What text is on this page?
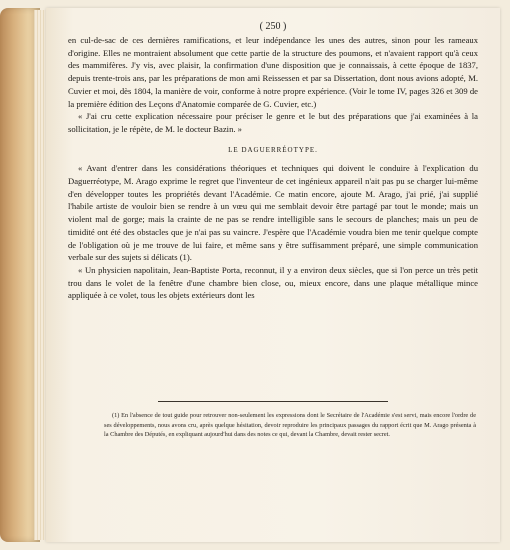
( 250 )

en cul-de-sac de ces dernières ramifications, et leur indépendance les unes des autres, sinon pour les rameaux d'origine. Elles ne montraient absolument que cette partie de la structure des poumons, et n'avaient rapport qu'à ceux des mammifères. J'y vis, avec plaisir, la confirmation d'une disposition que je connaissais, à cette époque de 1837, depuis trente-trois ans, par les préparations de mon ami Reissessen et par sa Dissertation, dont nous avions adopté, M. Cuvier et moi, dès 1804, la manière de voir, conforme à notre propre expérience. (Voir le tome IV, pages 326 et 309 de la première édition des Leçons d'Anatomie comparée de G. Cuvier, etc.)

« J'ai cru cette explication nécessaire pour préciser le genre et le but des préparations que j'ai examinées à la sollicitation, je le répète, de M. le docteur Bazin. »

LE DAGUERRÉOTYPE.

« Avant d'entrer dans les considérations théoriques et techniques qui doivent le conduire à l'explication du Daguerréotype, M. Arago exprime le regret que l'inventeur de cet ingénieux appareil n'ait pas pu se charger lui-même d'en développer toutes les propriétés devant l'Académie. Ce matin encore, ajoute M. Arago, j'ai prié, j'ai supplié l'habile artiste de vouloir bien se rendre à un vœu qui me semblait devoir être partagé par tout le monde; mais un violent mal de gorge; mais la crainte de ne pas se rendre intelligible sans le secours de planches; mais un peu de timidité ont été des obstacles que je n'ai pas su vaincre. J'espère que l'Académie voudra bien me tenir quelque compte de l'obligation où je me trouve de lui faire, et même sans y être suffisamment préparé, une simple communication verbale sur des sujets si délicats (1).

« Un physicien napolitain, Jean-Baptiste Porta, reconnut, il y a environ deux siècles, que si l'on perce un très petit trou dans le volet de la fenêtre d'une chambre bien close, ou, mieux encore, dans une plaque métallique mince appliquée à ce volet, tous les objets extérieurs dont les

(1) En l'absence de tout guide pour retrouver non-seulement les expressions dont le Secrétaire de l'Académie s'est servi, mais encore l'ordre de ses développements, nous avons cru, après quelque hésitation, devoir reproduire les principaux passages du rapport écrit que M. Arago présenta à la Chambre des Députés, en expliquant aujourd'hui dans des notes ce qui, devant la Chambre, devait rester secret.
